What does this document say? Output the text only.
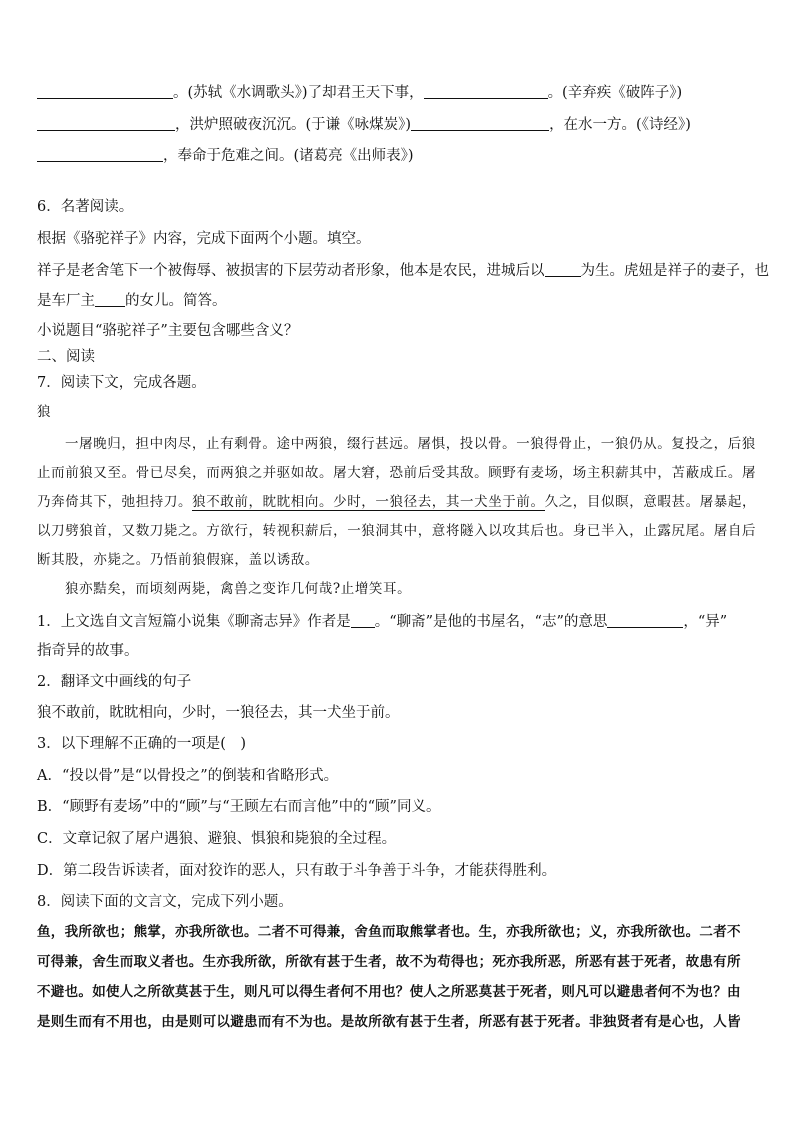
。(苏轼《水调歌头》)了却君王天下事，	。(辛弃疾《破阵子》)
，洪炉照破夜沉沉。(于谦《咏煤炭》)	，在水一方。(《诗经》)
，奉命于危难之间。(诸葛亮《出师表》)
6．名著阅读。
根据《骆驼祥子》内容，完成下面两个小题。填空。
祥子是老舍笔下一个被侮辱、被损害的下层劳动者形象，他本是农民，进城后以 为生。虎妞是祥子的妻子，也
是车厂主 的女儿。简答。
小说题目“骆驼祥子”主要包含哪些含义？
二、阅读
7．阅读下文，完成各题。
狼
一屠晚归，担中肉尽，止有剩骨。途中两狼，缀行甚远。屠惧，投以骨。一狼得骨止，一狼仍从。复投之，后狼
止而前狼又至。骨已尽矣，而两狼之并驱如故。屠大窘，恐前后受其敌。顾野有麦场，场主积薪其中，苫蔽成丘。屠
乃奔倚其下，弛担持刀。狼不敢前，眈眈相向。少时，一狼径去，其一犬坐于前。久之，目似瞑，意暇甚。屠暴起，
以刀劈狼首，又数刀毙之。方欲行，转视积薪后，一狼洞其中，意将隧入以攻其后也。身已半入，止露尻尾。屠自后
断其股，亦毙之。乃悟前狼假寐，盖以诱敌。
狼亦黠矣，而顷刻两毙，禽兽之变诈几何哉?止增笑耳。
1．上文选自文言短篇小说集《聊斋志异》作者是 。“聊斋”是他的书屋名，“志”的意思	，“异”
指奇异的故事。
2．翻译文中画线的句子
狼不敢前，眈眈相向，少时，一狼径去，其一犬坐于前。
3．以下理解不正确的一项是(　)
A．“投以骨”是“以骨投之”的倒装和省略形式。
B．“顾野有麦场”中的“顾”与“王顾左右而言他”中的“顾”同义。
C．文章记叙了屠户遇狼、避狼、惧狼和毙狼的全过程。
D．第二段告诉读者，面对狡诈的恶人，只有敢于斗争善于斗争，才能获得胜利。
8．阅读下面的文言文，完成下列小题。
鱼，我所欲也；熊掌，亦我所欲也。二者不可得兼，舍鱼而取熊掌者也。生，亦我所欲也；义，亦我所欲也。二者不
可得兼，舍生而取义者也。生亦我所欲，所欲有甚于生者，故不为苟得也；死亦我所恶，所恶有甚于死者，故患有所
不避也。如使人之所欲莫甚于生，则凡可以得生者何不用也？使人之所恶莫甚于死者，则凡可以避患者何不为也？由
是则生而有不用也，由是则可以避患而有不为也。是故所欲有甚于生者，所恶有甚于死者。非独贤者有是心也，人皆
